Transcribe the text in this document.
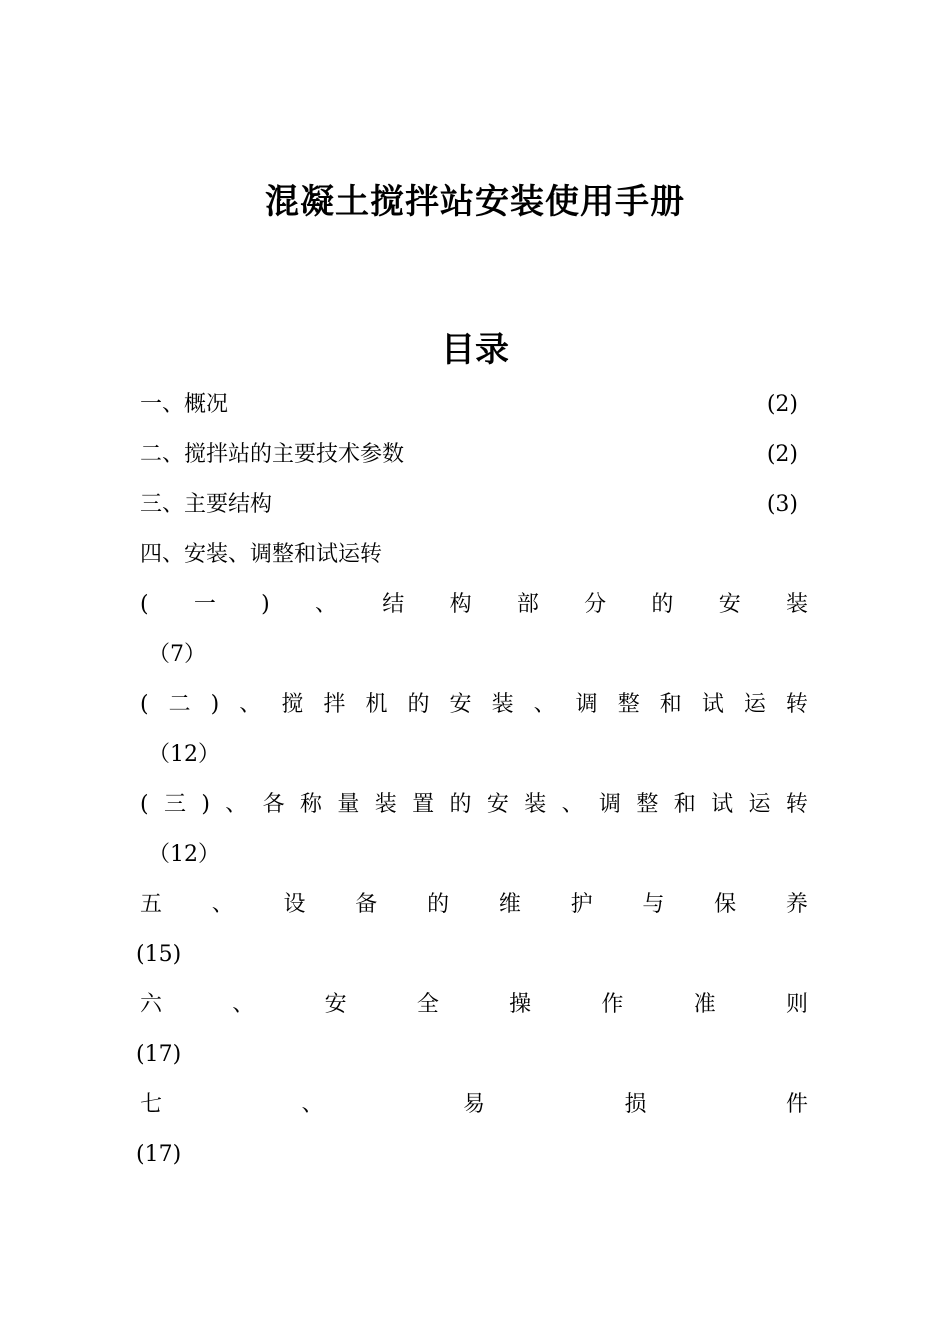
混凝土搅拌站安装使用手册
目录
一、概况	(2)
二、搅拌站的主要技术参数	(2)
三、主要结构	(3)
四、安装、调整和试运转
( 一 ) 、 结 构 部 分 的 安 装
（7）
( 二 ) 、 搅 拌 机 的 安 装 、 调 整 和 试 运 转
（12）
( 三 ) 、 各 称 量 装 置 的 安 装 、 调 整 和 试 运 转
（12）
五 、 设 备 的 维 护 与 保 养
(15)
六	、	安	全	操	作	准	则
(17)
七	、	易	损	件
(17)
